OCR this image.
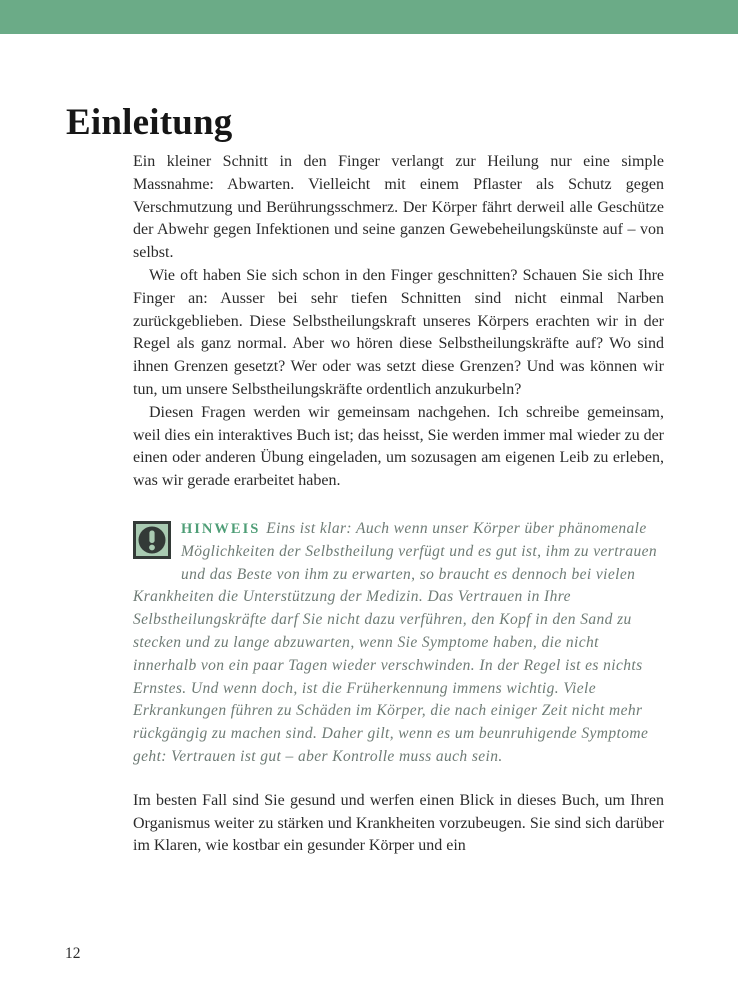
Einleitung

Ein kleiner Schnitt in den Finger verlangt zur Heilung nur eine simple Massnahme: Abwarten. Vielleicht mit einem Pflaster als Schutz gegen Verschmutzung und Berührungsschmerz. Der Körper fährt derweil alle Geschütze der Abwehr gegen Infektionen und seine ganzen Gewebeheilungskünste auf – von selbst.

Wie oft haben Sie sich schon in den Finger geschnitten? Schauen Sie sich Ihre Finger an: Ausser bei sehr tiefen Schnitten sind nicht einmal Narben zurückgeblieben. Diese Selbstheilungskraft unseres Körpers erachten wir in der Regel als ganz normal. Aber wo hören diese Selbstheilungskräfte auf? Wo sind ihnen Grenzen gesetzt? Wer oder was setzt diese Grenzen? Und was können wir tun, um unsere Selbstheilungskräfte ordentlich anzukurbeln?

Diesen Fragen werden wir gemeinsam nachgehen. Ich schreibe gemeinsam, weil dies ein interaktives Buch ist; das heisst, Sie werden immer mal wieder zu der einen oder anderen Übung eingeladen, um sozusagen am eigenen Leib zu erleben, was wir gerade erarbeitet haben.

HINWEIS Eins ist klar: Auch wenn unser Körper über phänomenale Möglichkeiten der Selbstheilung verfügt und es gut ist, ihm zu vertrauen und das Beste von ihm zu erwarten, so braucht es dennoch bei vielen Krankheiten die Unterstützung der Medizin. Das Vertrauen in Ihre Selbstheilungskräfte darf Sie nicht dazu verführen, den Kopf in den Sand zu stecken und zu lange abzuwarten, wenn Sie Symptome haben, die nicht innerhalb von ein paar Tagen wieder verschwinden. In der Regel ist es nichts Ernstes. Und wenn doch, ist die Früherkennung immens wichtig. Viele Erkrankungen führen zu Schäden im Körper, die nach einiger Zeit nicht mehr rückgängig zu machen sind. Daher gilt, wenn es um beunruhigende Symptome geht: Vertrauen ist gut – aber Kontrolle muss auch sein.

Im besten Fall sind Sie gesund und werfen einen Blick in dieses Buch, um Ihren Organismus weiter zu stärken und Krankheiten vorzubeugen. Sie sind sich darüber im Klaren, wie kostbar ein gesunder Körper und ein

12
